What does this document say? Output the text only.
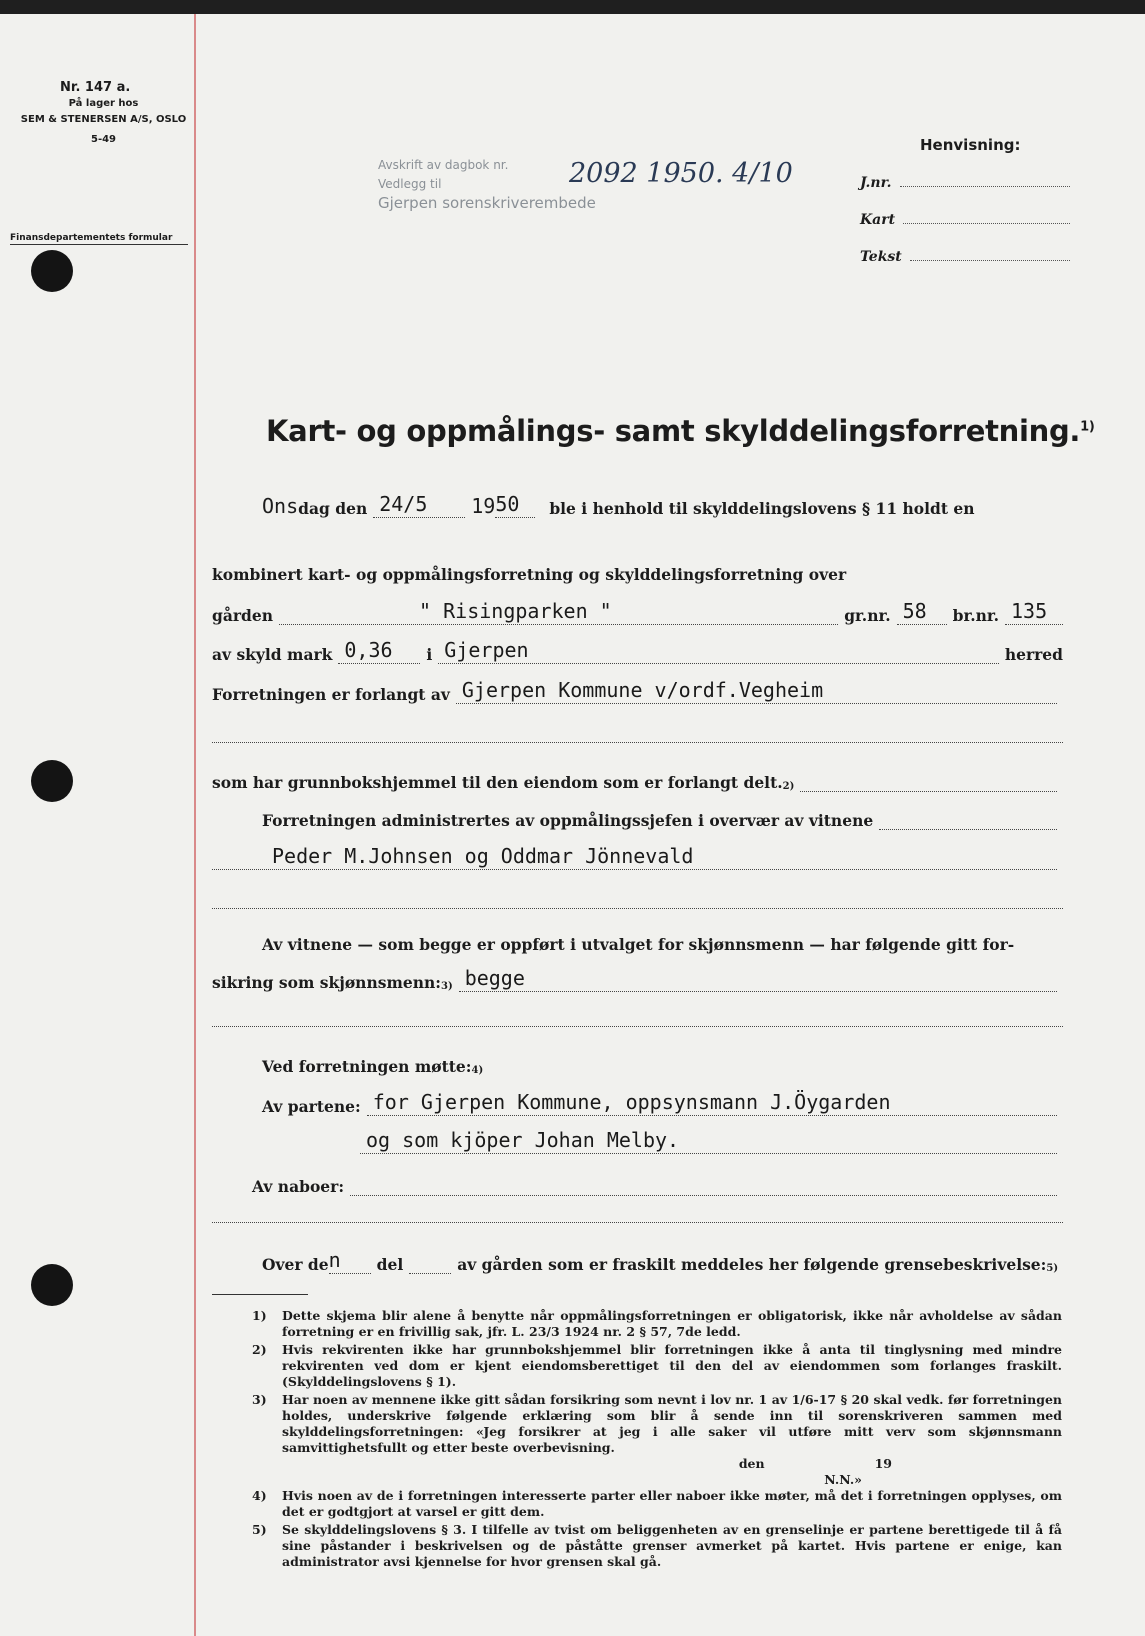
Nr. 147 a.
På lager hos
SEM & STENERSEN A/S, OSLO
5-49
Finansdepartementets formular
Avskrift av dagbok nr.
Vedlegg til
Gjerpen sorenskriverembede
2092 1950. 4/10
Henvisning:
J.nr.
Kart
Tekst
Kart- og oppmålings- samt skylddelingsforretning.$^{1)}$
Ons dag den 24/5	19 50	ble i henhold til skylddelingslovens § 11 holdt en
kombinert kart- og oppmålingsforretning og skylddelingsforretning over
gården	" Risingparken "	gr.nr. 58	br.nr. 135
av skyld mark 0,36	i Gjerpen	herred
Forretningen er forlangt av Gjerpen Kommune v/ordf.Vegheim
som har grunnbokshjemmel til den eiendom som er forlangt $delt._{2)}$
Forretningen administrertes av oppmålingssjefen i overvær av vitnene
Peder M.Johnsen og Oddmar Jönnevald
Av vitnene — som begge er oppført i utvalget for skjønnsmenn — har følgende gitt for-
sikring som $skjønnsmenn:_{3)}$ begge
Ved forretningen $møtte:_{4)}$
Av partene: for Gjerpen Kommune, oppsynsmann J.Öygarden
og som kjöper Johan Melby.
Av naboer:
Over de n	del	av gården som er fraskilt meddeles her følgende $grensebeskrivelse:_{5)}$
1)	Dette skjema blir alene å benytte når oppmålingsforretningen er obligatorisk, ikke når avholdelse av sådan forretning er en frivillig sak, jfr. L. 23/3 1924 nr. 2 § 57, 7de ledd.
2)	Hvis rekvirenten ikke har grunnbokshjemmel blir forretningen ikke å anta til tinglysning med mindre rekvirenten ved dom er kjent eiendomsberettiget til den del av eiendommen som forlanges fraskilt. (Skylddelingslovens § 1).
3)	Har noen av mennene ikke gitt sådan forsikring som nevnt i lov nr. 1 av 1/6-17 § 20 skal vedk. før forretningen holdes, underskrive følgende erklæring som blir å sende inn til sorenskriveren sammen med skylddelingsforretningen: «Jeg forsikrer at jeg i alle saker vil utføre mitt verv som skjønnsmann samvittighetsfullt og etter beste overbevisning.
den	19
N.N.»
4)	Hvis noen av de i forretningen interesserte parter eller naboer ikke møter, må det i forretningen opplyses, om det er godtgjort at varsel er gitt dem.
5)	Se skylddelingslovens § 3. I tilfelle av tvist om beliggenheten av en grenselinje er partene berettigede til å få sine påstander i beskrivelsen og de påståtte grenser avmerket på kartet. Hvis partene er enige, kan administrator avsi kjennelse for hvor grensen skal gå.
